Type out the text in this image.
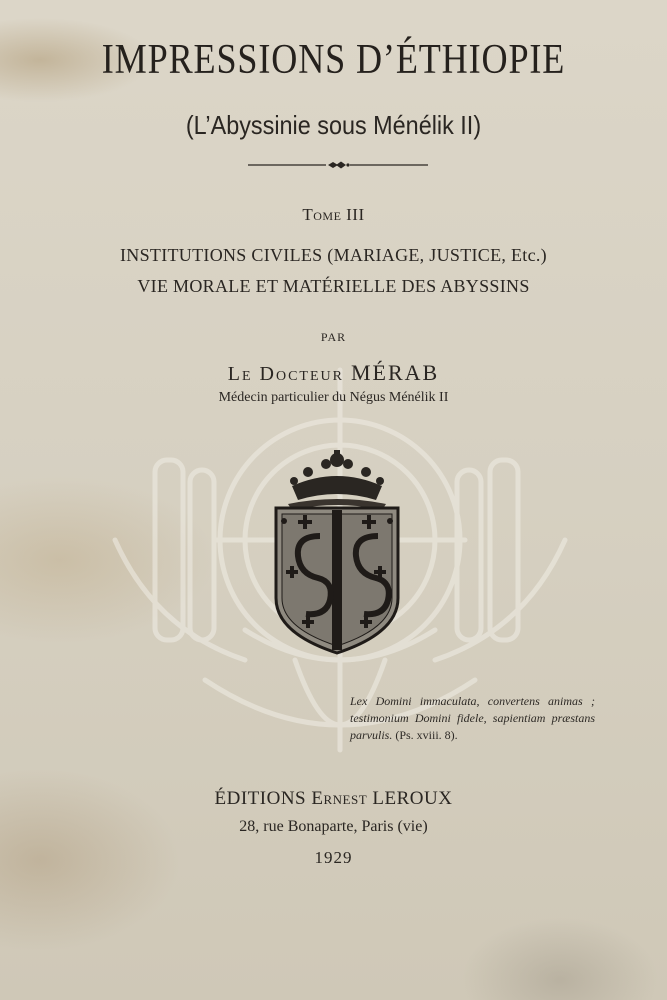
IMPRESSIONS D’ÉTHIOPIE
(L’Abyssinie sous Ménélik II)
Tome III
INSTITUTIONS CIVILES (MARIAGE, JUSTICE, Etc.)
VIE MORALE ET MATÉRIELLE DES ABYSSINS
PAR
Le Docteur MÉRAB
Médecin particulier du Négus Ménélik II
Lex Domini immaculata, convertens animas ; testimonium Domini fidele, sapientiam præstans parvulis. (Ps. xviii. 8).
ÉDITIONS Ernest LEROUX
28, rue Bonaparte, Paris (vie)
1929
